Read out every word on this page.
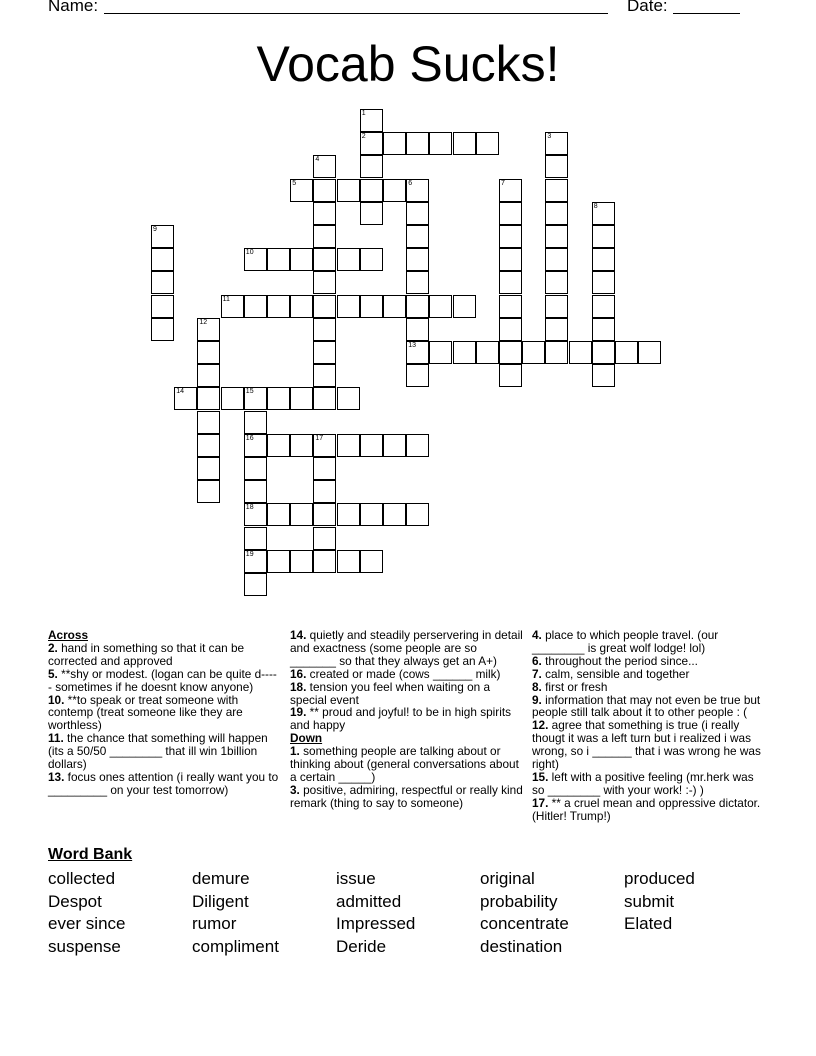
Name:	Date:
Vocab Sucks!
1
2	3
4
5	6
13
7
8
9
10
11
12
14	15
16
18
19
17
Across
2. hand in something so that it can be corrected and approved
5. **shy or modest. (logan can be quite d----- sometimes if he doesnt know anyone)
10. **to speak or treat someone with contemp (treat someone like they are worthless)
11. the chance that something will happen (its a 50/50 ________ that ill win 1billion dollars)
13. focus ones attention (i really want you to _________ on your test tomorrow)
14. quietly and steadily perservering in detail and exactness (some people are so _______ so that they always get an A+)
16. created or made (cows ______ milk)
18. tension you feel when waiting on a special event
19. ** proud and joyful! to be in high spirits and happy
Down
1. something people are talking about or thinking about (general conversations about a certain _____)
3. positive, admiring, respectful or really kind remark (thing to say to someone)
4. place to which people travel. (our ________ is great wolf lodge! lol)
6. throughout the period since...
7. calm, sensible and together
8. first or fresh
9. information that may not even be true but people still talk about it to other people : (
12. agree that something is true (i really thougt it was a left turn but i realized i was wrong, so i ______ that i was wrong he was right)
15. left with a positive feeling (mr.herk was so ________ with your work! :-) )
17. ** a cruel mean and oppressive dictator. (Hitler! Trump!)
Word Bank
collected	demure	issue	original	produced
Despot	Diligent	admitted	probability	submit
ever since	rumor	Impressed	concentrate	Elated
suspense	compliment	Deride	destination
